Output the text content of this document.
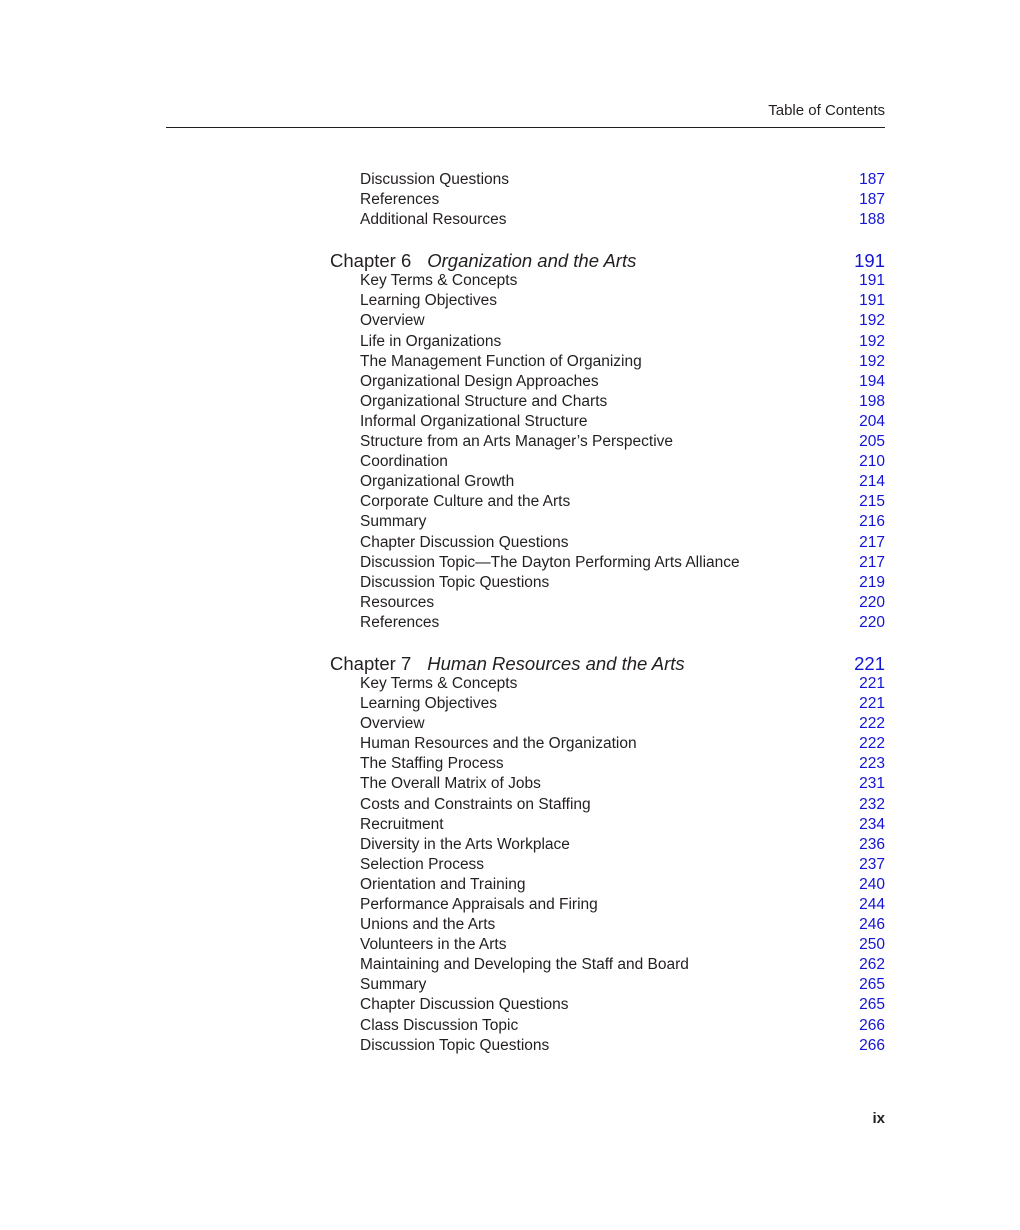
Table of Contents
Discussion Questions	187
References	187
Additional Resources	188
Chapter 6 Organization and the Arts	191
Key Terms & Concepts	191
Learning Objectives	191
Overview	192
Life in Organizations	192
The Management Function of Organizing	192
Organizational Design Approaches	194
Organizational Structure and Charts	198
Informal Organizational Structure	204
Structure from an Arts Manager’s Perspective	205
Coordination	210
Organizational Growth	214
Corporate Culture and the Arts	215
Summary	216
Chapter Discussion Questions	217
Discussion Topic—The Dayton Performing Arts Alliance	217
Discussion Topic Questions	219
Resources	220
References	220
Chapter 7 Human Resources and the Arts	221
Key Terms & Concepts	221
Learning Objectives	221
Overview	222
Human Resources and the Organization	222
The Staffing Process	223
The Overall Matrix of Jobs	231
Costs and Constraints on Staffing	232
Recruitment	234
Diversity in the Arts Workplace	236
Selection Process	237
Orientation and Training	240
Performance Appraisals and Firing	244
Unions and the Arts	246
Volunteers in the Arts	250
Maintaining and Developing the Staff and Board	262
Summary	265
Chapter Discussion Questions	265
Class Discussion Topic	266
Discussion Topic Questions	266
ix
